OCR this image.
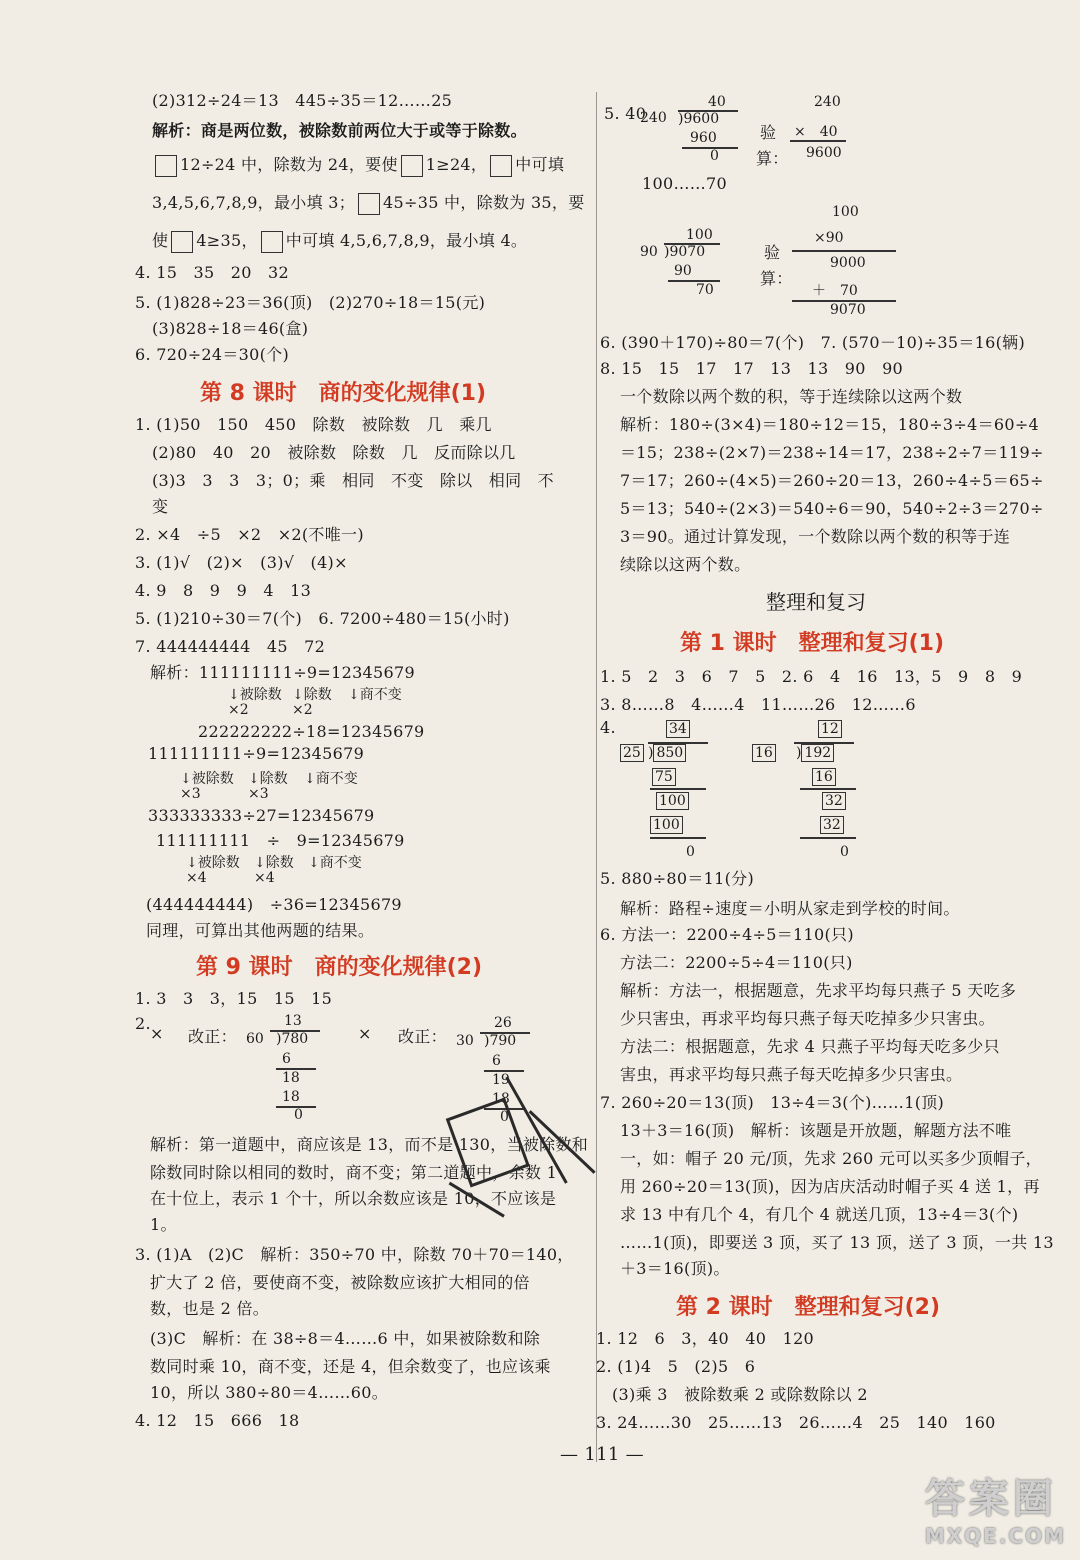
(2)312÷24＝13　445÷35＝12……25
解析：商是两位数，被除数前两位大于或等于除数。
12÷24 中，除数为 24，要使 1≥24， 中可填
3,4,5,6,7,8,9，最小填 3； 45÷35 中，除数为 35，要
使 4≥35， 中可填 4,5,6,7,8,9，最小填 4。
4. 15　35　20　32
5. (1)828÷23＝36(顶)　(2)270÷18＝15(元)
(3)828÷18＝46(盒)
6. 720÷24＝30(个)
第 8 课时　商的变化规律(1)
1. (1)50　150　450　除数　被除数　几　乘几
(2)80　40　20　被除数　除数　几　反而除以几
(3)3　3　3　3；0；乘　相同　不变　除以　相同　不
变
2. ×4　÷5　×2　×2(不唯一)
3. (1)√　(2)×　(3)√　(4)×
4. 9　8　9　9　4　13
5. (1)210÷30＝7(个)　6. 7200÷480＝15(小时)
7. 444444444　45　72
解析：111111111÷9=12345679
↓被除数
×2
↓除数
×2
↓商不变
222222222÷18=12345679
111111111÷9=12345679
↓被除数
×3
↓除数
×3
↓商不变
333333333÷27=12345679
111111111　÷　9=12345679
↓被除数
×4
↓除数
×4
↓商不变
(444444444)　÷36=12345679
同理，可算出其他两题的结果。
第 9 课时　商的变化规律(2)
1. 3　3　3，15　15　15
2.
× 改正：	× 改正：
13
60 )780
6
18
18
0
26
30 )790
6
19
18
0
解析：第一道题中，商应该是 13，而不是 130，当被除数和
除数同时除以相同的数时，商不变；第二道题中，余数 1
在十位上，表示 1 个十，所以余数应该是 10，不应该是
1。
3. (1)A　(2)C　解析：350÷70 中，除数 70＋70＝140，
扩大了 2 倍，要使商不变，被除数应该扩大相同的倍
数，也是 2 倍。
(3)C　解析：在 38÷8＝4……6 中，如果被除数和除
数同时乘 10，商不变，还是 4，但余数变了，也应该乘
10，所以 380÷80＝4……60。
4. 12　15　666　18
5. 40
40
240 )9600
960
0
验
算：
240
×　40
9600
100……70
100
90 )9070
90
70
验
算：
100
×90
9000
＋　70
9070
6. (390＋170)÷80＝7(个)　7. (570－10)÷35＝16(辆)
8. 15　15　17　17　13　13　90　90
一个数除以两个数的积，等于连续除以这两个数
解析：180÷(3×4)＝180÷12＝15，180÷3÷4＝60÷4
＝15；238÷(2×7)＝238÷14＝17，238÷2÷7＝119÷
7＝17；260÷(4×5)＝260÷20＝13，260÷4÷5＝65÷
5＝13；540÷(2×3)＝540÷6＝90，540÷2÷3＝270÷
3＝90。通过计算发现，一个数除以两个数的积等于连
续除以这两个数。
整理和复习
第 1 课时　整理和复习(1)
1. 5　2　3　6　7　5　2. 6　4　16　13，5　9　8　9
3. 8……8　4……4　11……26　12……6
4.	34
25 ) 850
75
100
100
0
12
16 ) 192
16
32
32
0
5. 880÷80＝11(分)
解析：路程÷速度＝小明从家走到学校的时间。
6. 方法一：2200÷4÷5＝110(只)
方法二：2200÷5÷4＝110(只)
解析：方法一，根据题意，先求平均每只燕子 5 天吃多
少只害虫，再求平均每只燕子每天吃掉多少只害虫。
方法二：根据题意，先求 4 只燕子平均每天吃多少只
害虫，再求平均每只燕子每天吃掉多少只害虫。
7. 260÷20＝13(顶)　13÷4＝3(个)……1(顶)
13＋3＝16(顶)　解析：该题是开放题，解题方法不唯
一，如：帽子 20 元/顶，先求 260 元可以买多少顶帽子，
用 260÷20＝13(顶)，因为店庆活动时帽子买 4 送 1，再
求 13 中有几个 4，有几个 4 就送几顶，13÷4＝3(个)
……1(顶)，即要送 3 顶，买了 13 顶，送了 3 顶，一共 13
＋3＝16(顶)。
第 2 课时　整理和复习(2)
1. 12　6　3，40　40　120
2. (1)4　5　(2)5　6
(3)乘 3　被除数乘 2 或除数除以 2
3. 24……30　25……13　26……4　25　140　160
— 111 —
答案圈
MXQE.COM
